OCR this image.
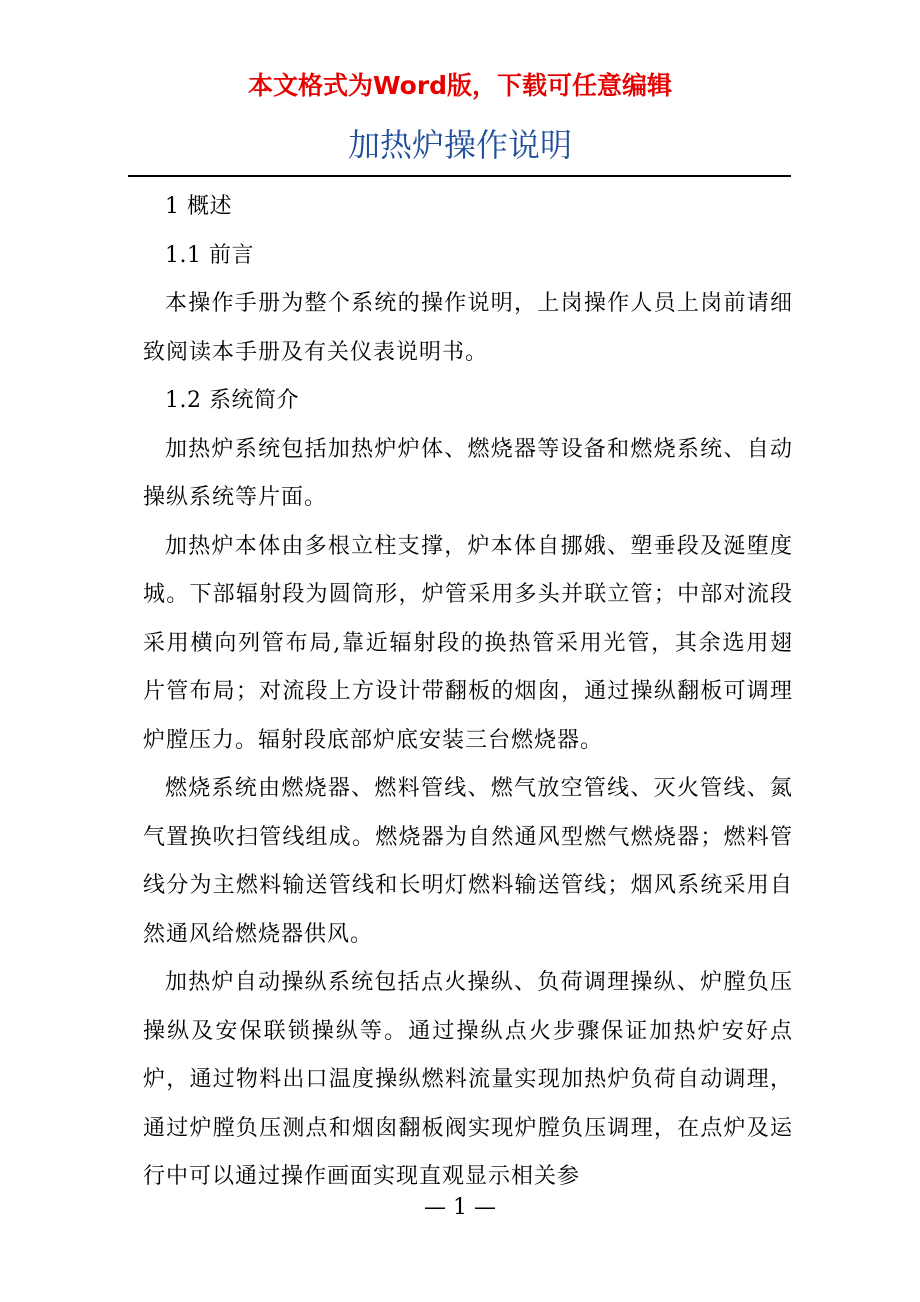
本文格式为Word版，下载可任意编辑
加热炉操作说明

1 概述

1.1 前言

本操作手册为整个系统的操作说明，上岗操作人员上岗前请细致阅读本手册及有关仪表说明书。

1.2 系统简介

加热炉系统包括加热炉炉体、燃烧器等设备和燃烧系统、自动操纵系统等片面。

加热炉本体由多根立柱支撑，炉本体自挪娥、塑垂段及涎堕度城。下部辐射段为圆筒形，炉管采用多头并联立管；中部对流段采用横向列管布局,靠近辐射段的换热管采用光管，其余选用翅片管布局；对流段上方设计带翻板的烟囱，通过操纵翻板可调理炉膛压力。辐射段底部炉底安装三台燃烧器。

燃烧系统由燃烧器、燃料管线、燃气放空管线、灭火管线、氮气置换吹扫管线组成。燃烧器为自然通风型燃气燃烧器；燃料管线分为主燃料输送管线和长明灯燃料输送管线；烟风系统采用自然通风给燃烧器供风。

加热炉自动操纵系统包括点火操纵、负荷调理操纵、炉膛负压操纵及安保联锁操纵等。通过操纵点火步骤保证加热炉安好点炉，通过物料出口温度操纵燃料流量实现加热炉负荷自动调理，通过炉膛负压测点和烟囱翻板阀实现炉膛负压调理，在点炉及运行中可以通过操作画面实现直观显示相关参

— 1 —
